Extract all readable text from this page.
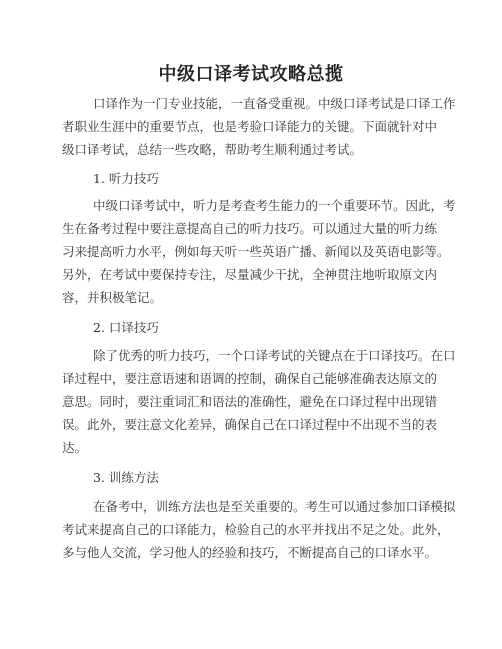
中级口译考试攻略总揽
口译作为一门专业技能，一直备受重视。中级口译考试是口译工作
者职业生涯中的重要节点，也是考验口译能力的关键。下面就针对中
级口译考试，总结一些攻略，帮助考生顺利通过考试。
1. 听力技巧
中级口译考试中，听力是考查考生能力的一个重要环节。因此，考
生在备考过程中要注意提高自己的听力技巧。可以通过大量的听力练
习来提高听力水平，例如每天听一些英语广播、新闻以及英语电影等。
另外，在考试中要保持专注，尽量减少干扰，全神贯注地听取原文内
容，并积极笔记。
2. 口译技巧
除了优秀的听力技巧，一个口译考试的关键点在于口译技巧。在口
译过程中，要注意语速和语调的控制，确保自己能够准确表达原文的
意思。同时，要注重词汇和语法的准确性，避免在口译过程中出现错
误。此外，要注意文化差异，确保自己在口译过程中不出现不当的表
达。
3. 训练方法
在备考中，训练方法也是至关重要的。考生可以通过参加口译模拟
考试来提高自己的口译能力，检验自己的水平并找出不足之处。此外，
多与他人交流，学习他人的经验和技巧，不断提高自己的口译水平。
